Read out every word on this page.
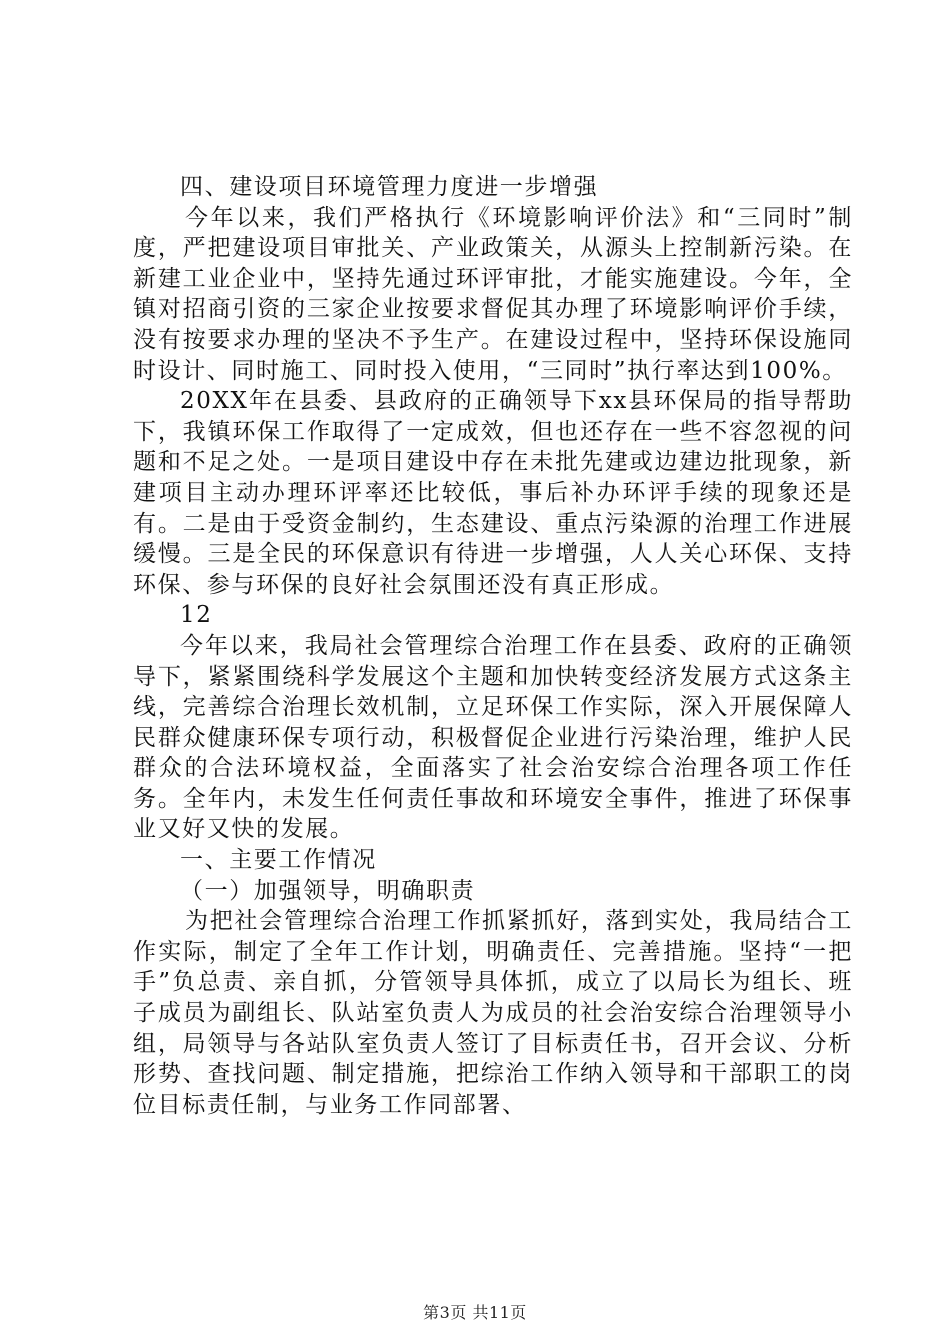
四、建设项目环境管理力度进一步增强

今年以来，我们严格执行《环境影响评价法》和“三同时”制度，严把建设项目审批关、产业政策关，从源头上控制新污染。在新建工业企业中，坚持先通过环评审批，才能实施建设。今年，全镇对招商引资的三家企业按要求督促其办理了环境影响评价手续，没有按要求办理的坚决不予生产。在建设过程中，坚持环保设施同时设计、同时施工、同时投入使用，“三同时”执行率达到100%。

20XX年在县委、县政府的正确领导下xx县环保局的指导帮助下，我镇环保工作取得了一定成效，但也还存在一些不容忽视的问题和不足之处。一是项目建设中存在未批先建或边建边批现象，新建项目主动办理环评率还比较低，事后补办环评手续的现象还是有。二是由于受资金制约，生态建设、重点污染源的治理工作进展缓慢。三是全民的环保意识有待进一步增强，人人关心环保、支持环保、参与环保的良好社会氛围还没有真正形成。

12

今年以来，我局社会管理综合治理工作在县委、政府的正确领导下，紧紧围绕科学发展这个主题和加快转变经济发展方式这条主线，完善综合治理长效机制，立足环保工作实际，深入开展保障人民群众健康环保专项行动，积极督促企业进行污染治理，维护人民群众的合法环境权益，全面落实了社会治安综合治理各项工作任务。全年内，未发生任何责任事故和环境安全事件，推进了环保事业又好又快的发展。

一、主要工作情况

（一）加强领导，明确职责

为把社会管理综合治理工作抓紧抓好，落到实处，我局结合工作实际，制定了全年工作计划，明确责任、完善措施。坚持“一把手”负总责、亲自抓，分管领导具体抓，成立了以局长为组长、班子成员为副组长、队站室负责人为成员的社会治安综合治理领导小组，局领导与各站队室负责人签订了目标责任书，召开会议、分析形势、查找问题、制定措施，把综治工作纳入领导和干部职工的岗位目标责任制，与业务工作同部署、

第3页 共11页
